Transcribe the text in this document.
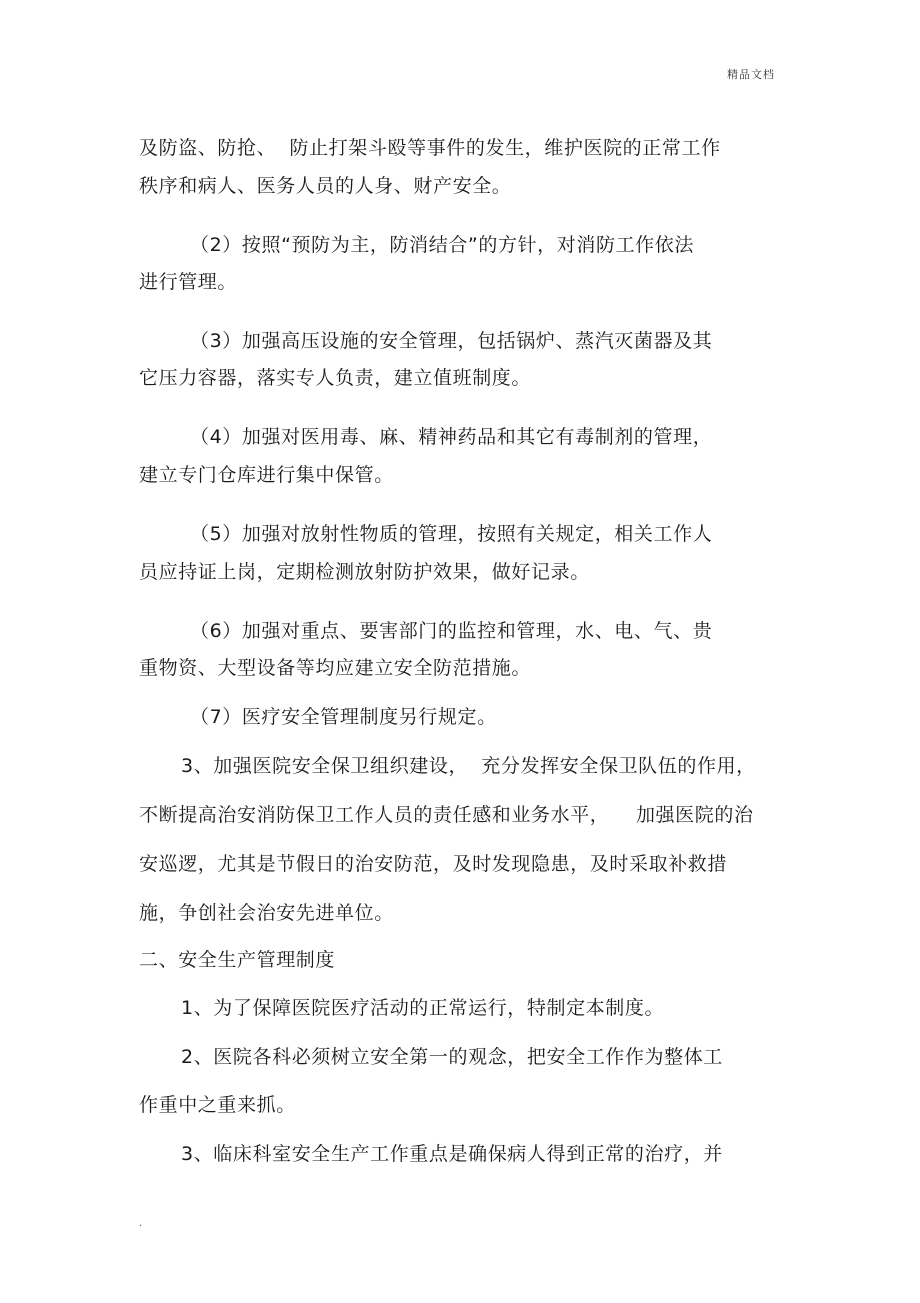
精品文档
及防盗、防抢、  防止打架斗殴等事件的发生，维护医院的正常工作
秩序和病人、医务人员的人身、财产安全。
（2）按照“预防为主，防消结合”的方针，对消防工作依法
进行管理。
（3）加强高压设施的安全管理，包括锅炉、蒸汽灭菌器及其
它压力容器，落实专人负责，建立值班制度。
（4）加强对医用毒、麻、精神药品和其它有毒制剂的管理，
建立专门仓库进行集中保管。
（5）加强对放射性物质的管理，按照有关规定，相关工作人
员应持证上岗，定期检测放射防护效果，做好记录。
（6）加强对重点、要害部门的监控和管理，水、电、气、贵
重物资、大型设备等均应建立安全防范措施。
（7）医疗安全管理制度另行规定。
3、加强医院安全保卫组织建设，  充分发挥安全保卫队伍的作用，
不断提高治安消防保卫工作人员的责任感和业务水平，    加强医院的治
安巡逻，尤其是节假日的治安防范，及时发现隐患，及时采取补救措
施，争创社会治安先进单位。
二、安全生产管理制度
1、为了保障医院医疗活动的正常运行，特制定本制度。
2、医院各科必须树立安全第一的观念，把安全工作作为整体工
作重中之重来抓。
3、临床科室安全生产工作重点是确保病人得到正常的治疗，并
.
